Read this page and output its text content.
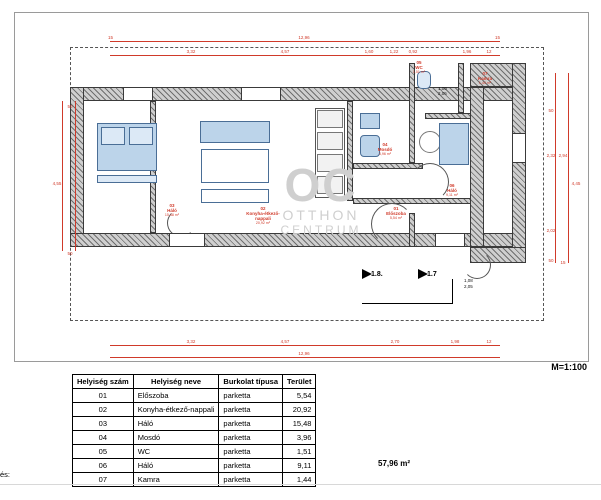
01
Előszoba
5,54 m²
02
Konyha-étkező-nappali
20,92 m²
03
Háló
15,48 m²
04
Mosdó
3,96 m²
05
WC
1,51 m²
06
Háló
9,11 m²
07
Kamra
1,44 m²
12,96
3,32	4,57	1,60	1,22	0,92	1,96	12
3,32	4,57	2,70	1,98	12
12,96
4,55
50
50
2,94
4,45
2,32
2,02
50
50	15
1,08
2,05
1,00
2,05
15	15
1.8.	1.7
OC
OTTHON
CENTRUM
M=1:100
Helyiség szám	Helyiség neve	Burkolat típusa	Terület
01	Előszoba	parketta	5,54
02	Konyha-étkező-nappali	parketta	20,92
03	Háló	parketta	15,48
04	Mosdó	parketta	3,96
05	WC	parketta	1,51
06	Háló	parketta	9,11
07	Kamra	parketta	1,44
57,96 m²
és:
